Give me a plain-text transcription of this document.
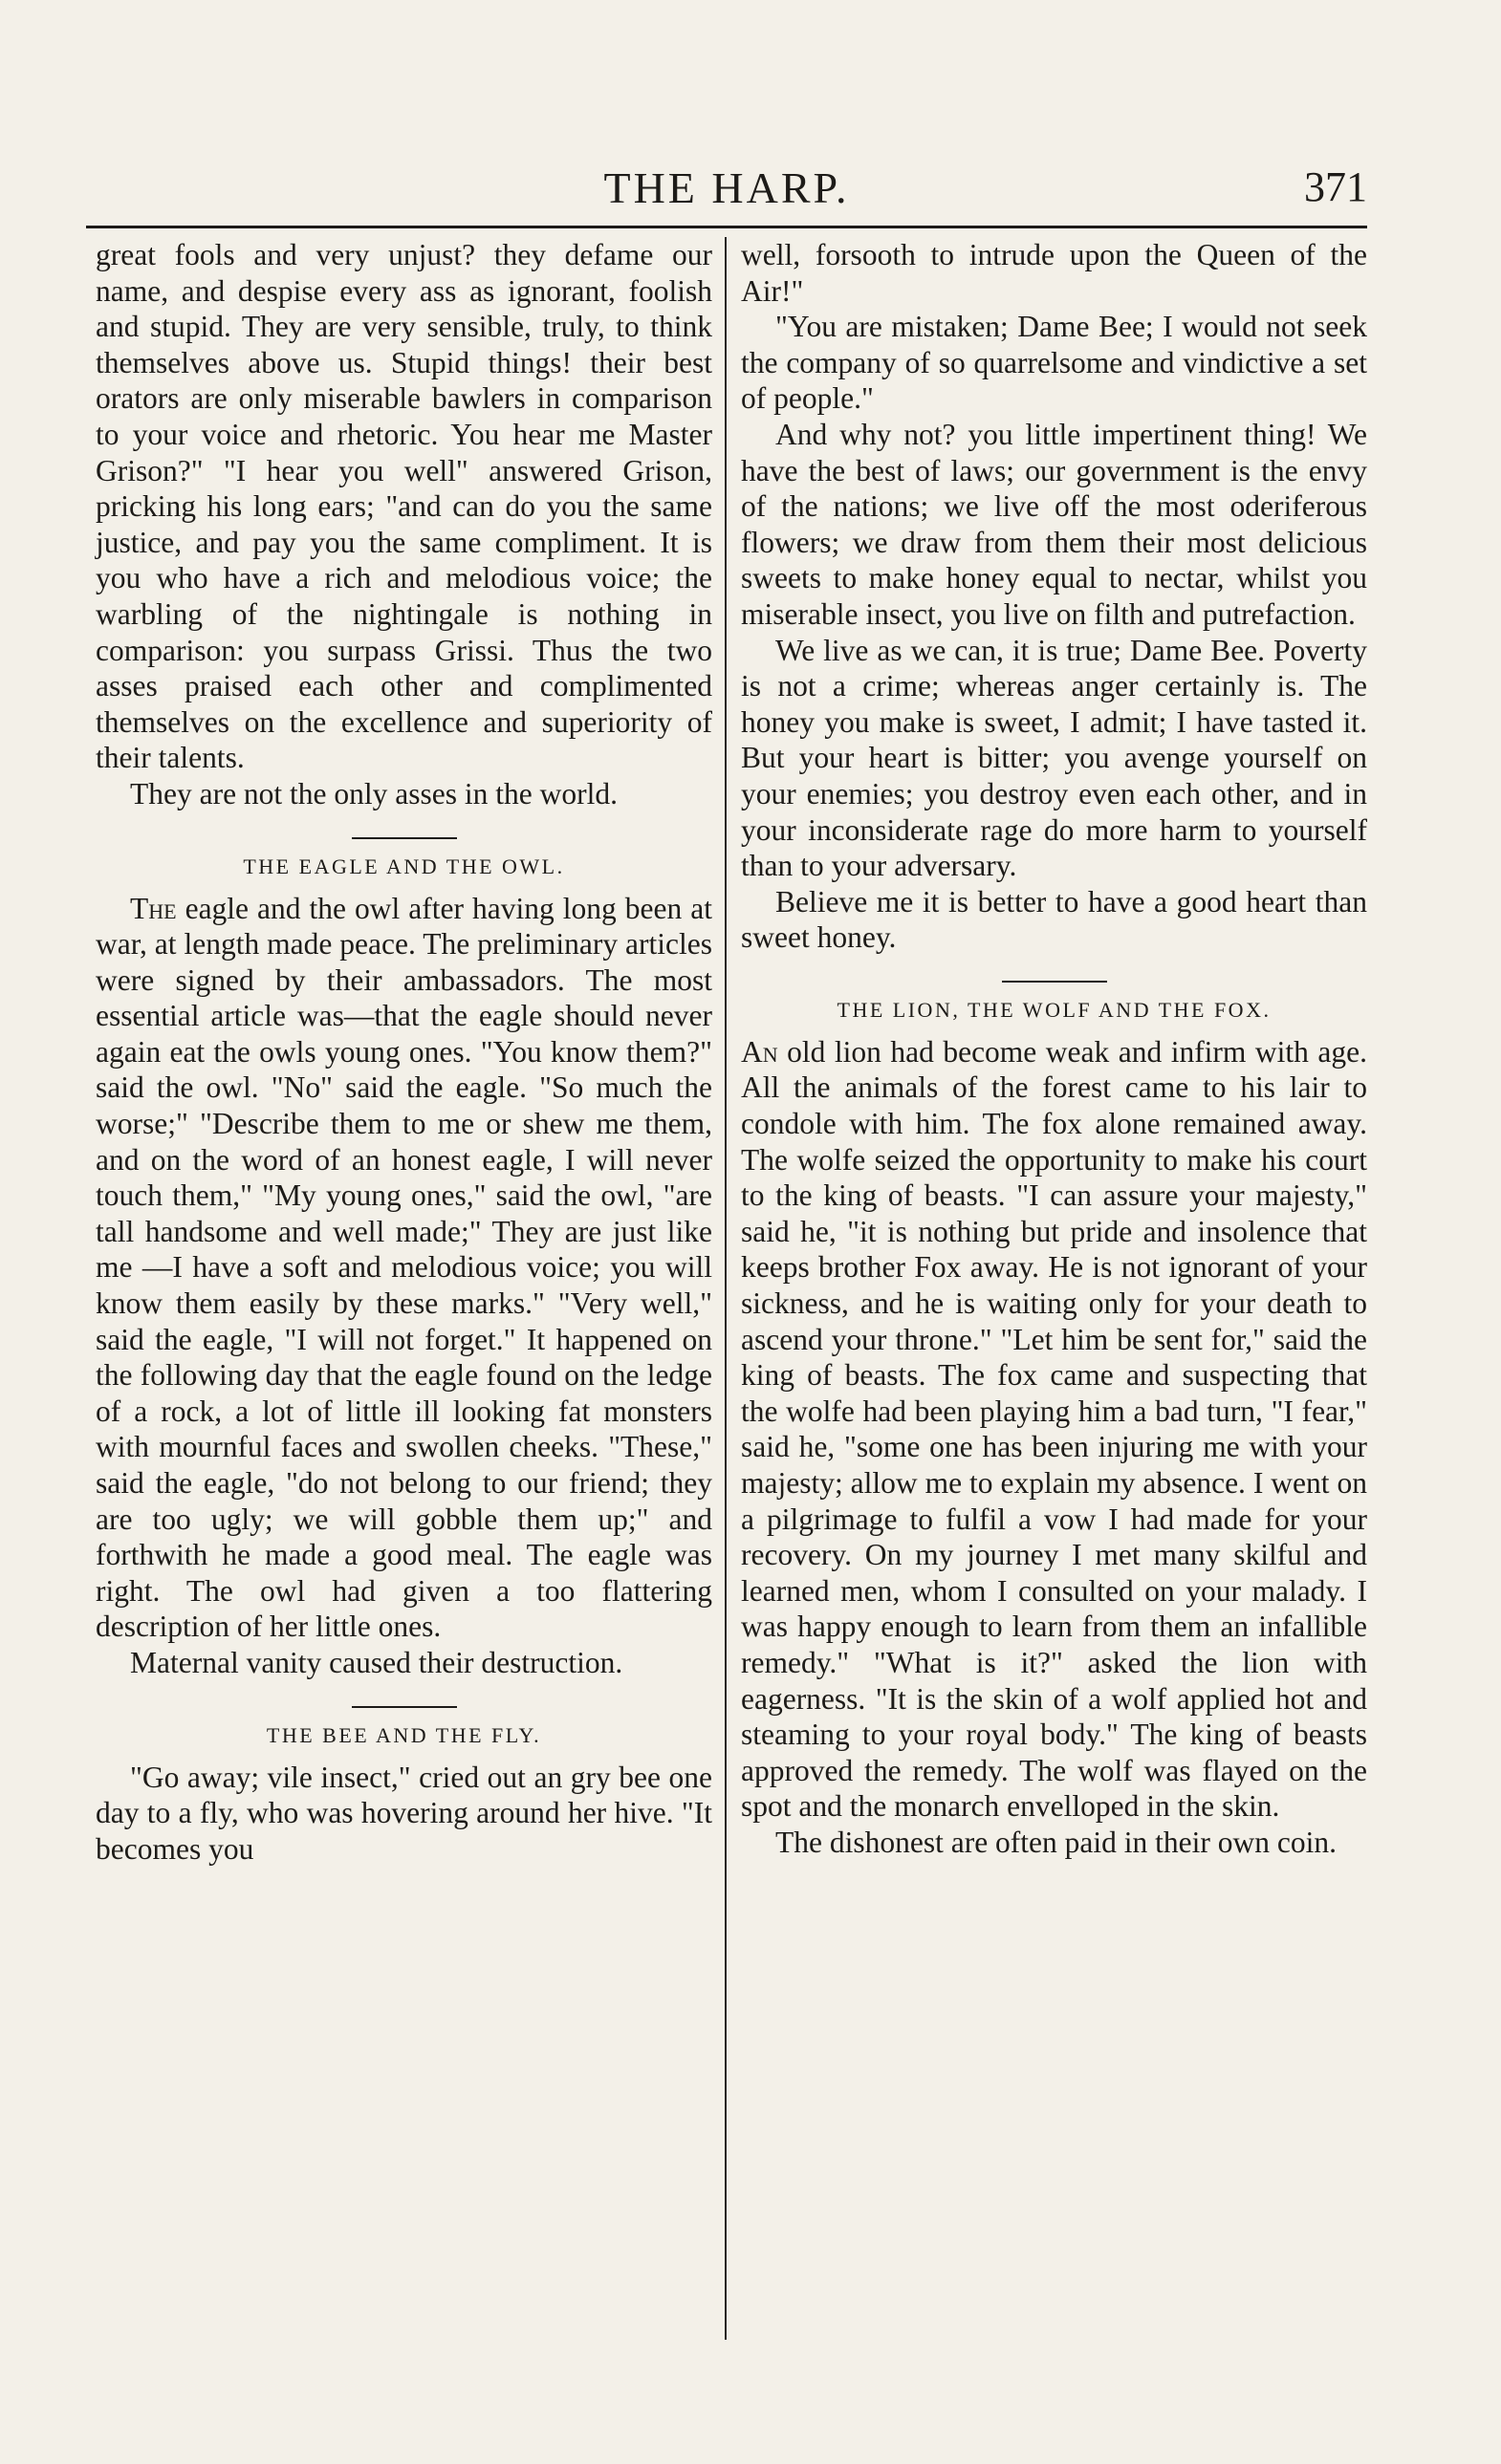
THE HARP.	371

great fools and very unjust? they defame our name, and despise every ass as ignorant, foolish and stupid. They are very sensible, truly, to think themselves above us. Stupid things! their best orators are only miserable bawlers in comparison to your voice and rhetoric. You hear me Master Grison?" "I hear you well" answered Grison, pricking his long ears; "and can do you the same justice, and pay you the same compliment. It is you who have a rich and melodious voice; the warbling of the nightingale is nothing in comparison: you surpass Grissi. Thus the two asses praised each other and complimented themselves on the excellence and superiority of their talents.

They are not the only asses in the world.

THE EAGLE AND THE OWL.

The eagle and the owl after having long been at war, at length made peace. The preliminary articles were signed by their ambassadors. The most essential article was—that the eagle should never again eat the owls young ones. "You know them?" said the owl. "No" said the eagle. "So much the worse;" "Describe them to me or shew me them, and on the word of an honest eagle, I will never touch them," "My young ones," said the owl, "are tall handsome and well made;" They are just like me —I have a soft and melodious voice; you will know them easily by these marks." "Very well," said the eagle, "I will not forget." It happened on the following day that the eagle found on the ledge of a rock, a lot of little ill looking fat monsters with mournful faces and swollen cheeks. "These," said the eagle, "do not belong to our friend; they are too ugly; we will gobble them up;" and forthwith he made a good meal. The eagle was right. The owl had given a too flattering description of her little ones.

Maternal vanity caused their destruction.

THE BEE AND THE FLY.

"Go away; vile insect," cried out an gry bee one day to a fly, who was hovering around her hive. "It becomes you

well, forsooth to intrude upon the Queen of the Air!"

"You are mistaken; Dame Bee; I would not seek the company of so quarrelsome and vindictive a set of people."

And why not? you little impertinent thing! We have the best of laws; our government is the envy of the nations; we live off the most oderiferous flowers; we draw from them their most delicious sweets to make honey equal to nectar, whilst you miserable insect, you live on filth and putrefaction.

We live as we can, it is true; Dame Bee. Poverty is not a crime; whereas anger certainly is. The honey you make is sweet, I admit; I have tasted it. But your heart is bitter; you avenge yourself on your enemies; you destroy even each other, and in your inconsiderate rage do more harm to yourself than to your adversary.

Believe me it is better to have a good heart than sweet honey.

THE LION, THE WOLF AND THE FOX.

An old lion had become weak and infirm with age. All the animals of the forest came to his lair to condole with him. The fox alone remained away. The wolfe seized the opportunity to make his court to the king of beasts. "I can assure your majesty," said he, "it is nothing but pride and insolence that keeps brother Fox away. He is not ignorant of your sickness, and he is waiting only for your death to ascend your throne." "Let him be sent for," said the king of beasts. The fox came and suspecting that the wolfe had been playing him a bad turn, "I fear," said he, "some one has been injuring me with your majesty; allow me to explain my absence. I went on a pilgrimage to fulfil a vow I had made for your recovery. On my journey I met many skilful and learned men, whom I consulted on your malady. I was happy enough to learn from them an infallible remedy." "What is it?" asked the lion with eagerness. "It is the skin of a wolf applied hot and steaming to your royal body." The king of beasts approved the remedy. The wolf was flayed on the spot and the monarch envelloped in the skin.

The dishonest are often paid in their own coin.
